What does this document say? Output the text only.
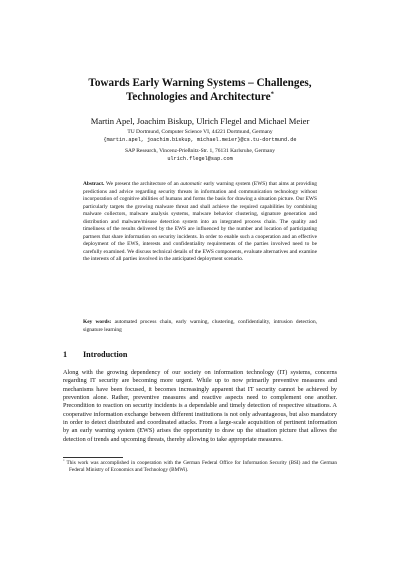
Towards Early Warning Systems – Challenges,
Technologies and Architecture*
Martin Apel, Joachim Biskup, Ulrich Flegel and Michael Meier
TU Dortmund, Computer Science VI, 44221 Dortmund, Germany
{martin.apel, joachim.biskup, michael.meier}@cs.tu-dortmund.de
SAP Research, Vincenz-Prießnitz-Str. 1, 76131 Karlsruhe, Germany
ulrich.flegel@sap.com
Abstract. We present the architecture of an automatic early warning system (EWS) that aims at providing predictions and advice regarding security threats in information and communication technology without incorporation of cognitive abilities of humans and forms the basis for drawing a situation picture. Our EWS particularly targets the growing malware threat and shall achieve the required capabilities by combining malware collectors, malware analysis systems, malware behavior clustering, signature generation and distribution and malware/misuse detection system into an integrated process chain. The quality and timeliness of the results delivered by the EWS are influenced by the number and location of participating partners that share information on security incidents. In order to enable such a cooperation and an effective deployment of the EWS, interests and confidentiality requirements of the parties involved need to be carefully examined. We discuss technical details of the EWS components, evaluate alternatives and examine the interests of all parties involved in the anticipated deployment scenario.
Key words: automated process chain, early warning, clustering, confidentiality, intrusion detection, signature learning
1 Introduction
Along with the growing dependency of our society on information technology (IT) systems, concerns regarding IT security are becoming more urgent. While up to now primarily preventive measures and mechanisms have been focused, it becomes increasingly apparent that IT security cannot be achieved by prevention alone. Rather, preventive measures and reactive aspects need to complement one another. Precondition to reaction on security incidents is a dependable and timely detection of respective situations. A cooperative information exchange between different institutions is not only advantageous, but also mandatory in order to detect distributed and coordinated attacks. From a large-scale acquisition of pertinent information by an early warning system (EWS) arises the opportunity to draw up the situation picture that allows the detection of trends and upcoming threats, thereby allowing to take appropriate measures.
* This work was accomplished in cooperation with the German Federal Office for Information Security (BSI) and the German Federal Ministry of Economics and Technology (BMWi).
